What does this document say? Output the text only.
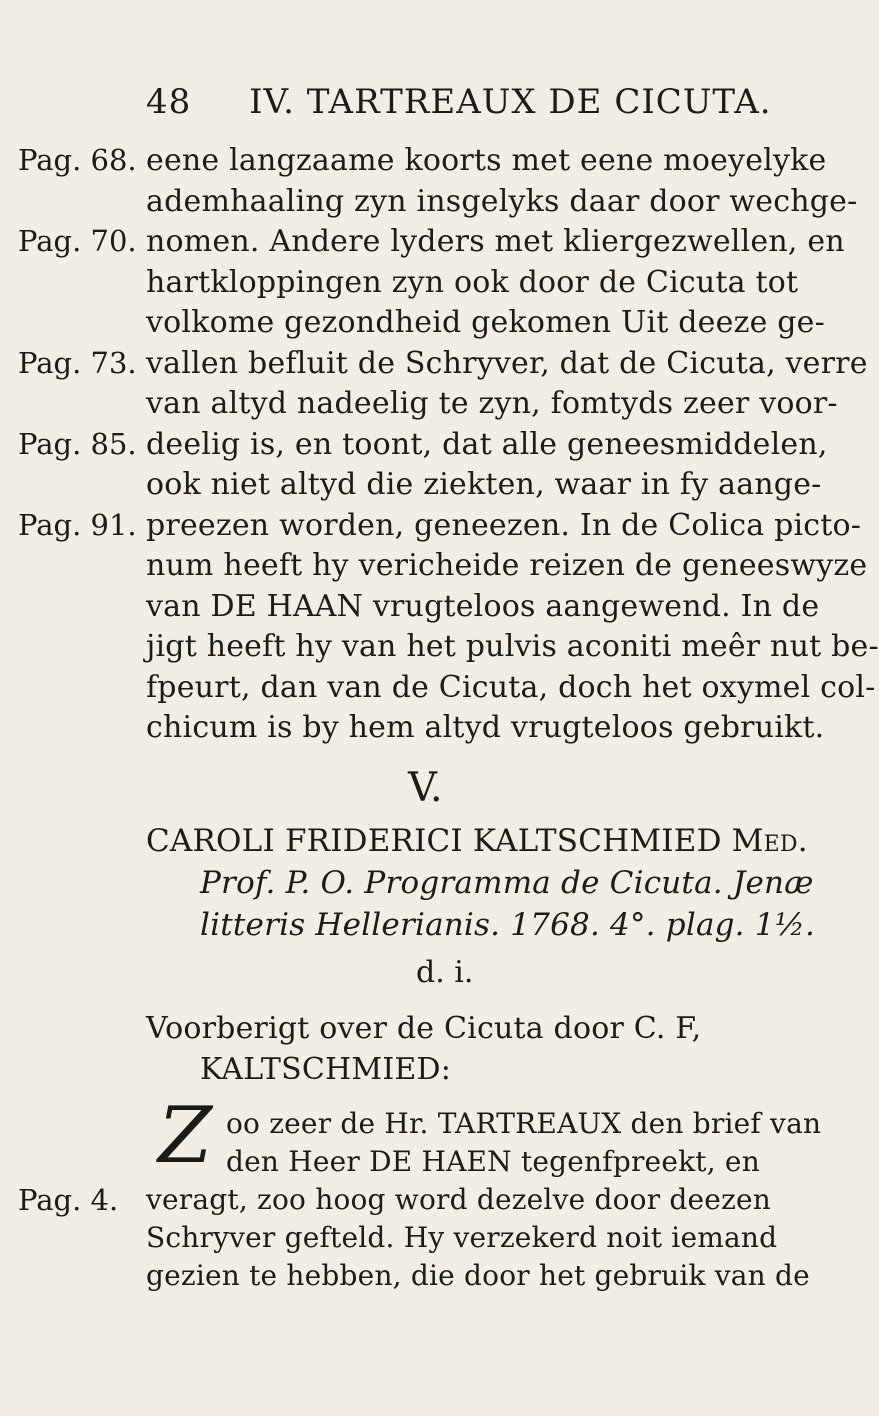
48 IV. TARTREAUX DE CICUTA.
Pag. 68.
Pag. 70.
Pag. 73.
Pag. 85.
Pag. 91.
Pag. 4.
eene langzaame koorts met eene moeyelyke
ademhaaling zyn insgelyks daar door wechge-
nomen. Andere lyders met kliergezwellen, en
hartkloppingen zyn ook door de Cicuta tot
volkome gezondheid gekomen Uit deeze ge-
vallen befluit de Schryver, dat de Cicuta, verre
van altyd nadeelig te zyn, fomtyds zeer voor-
deelig is, en toont, dat alle geneesmiddelen,
ook niet altyd die ziekten, waar in fy aange-
preezen worden, geneezen. In de Colica picto-
num heeft hy vericheide reizen de geneeswyze
van DE HAAN vrugteloos aangewend. In de
jigt heeft hy van het pulvis aconiti meêr nut be-
fpeurt, dan van de Cicuta, doch het oxymel col-
chicum is by hem altyd vrugteloos gebruikt.
V.
CAROLI FRIDERICI KALTSCHMIED Med.
Prof. P. O. Programma de Cicuta. Jenæ
litteris Hellerianis. 1768. 4°. plag. 1½.
d. i.
Voorberigt over de Cicuta door C. F,
KALTSCHMIED:
Z oo zeer de Hr. TARTREAUX den brief van
den Heer DE HAEN tegenfpreekt, en
veragt, zoo hoog word dezelve door deezen
Schryver gefteld. Hy verzekerd noit iemand
gezien te hebben, die door het gebruik van de
